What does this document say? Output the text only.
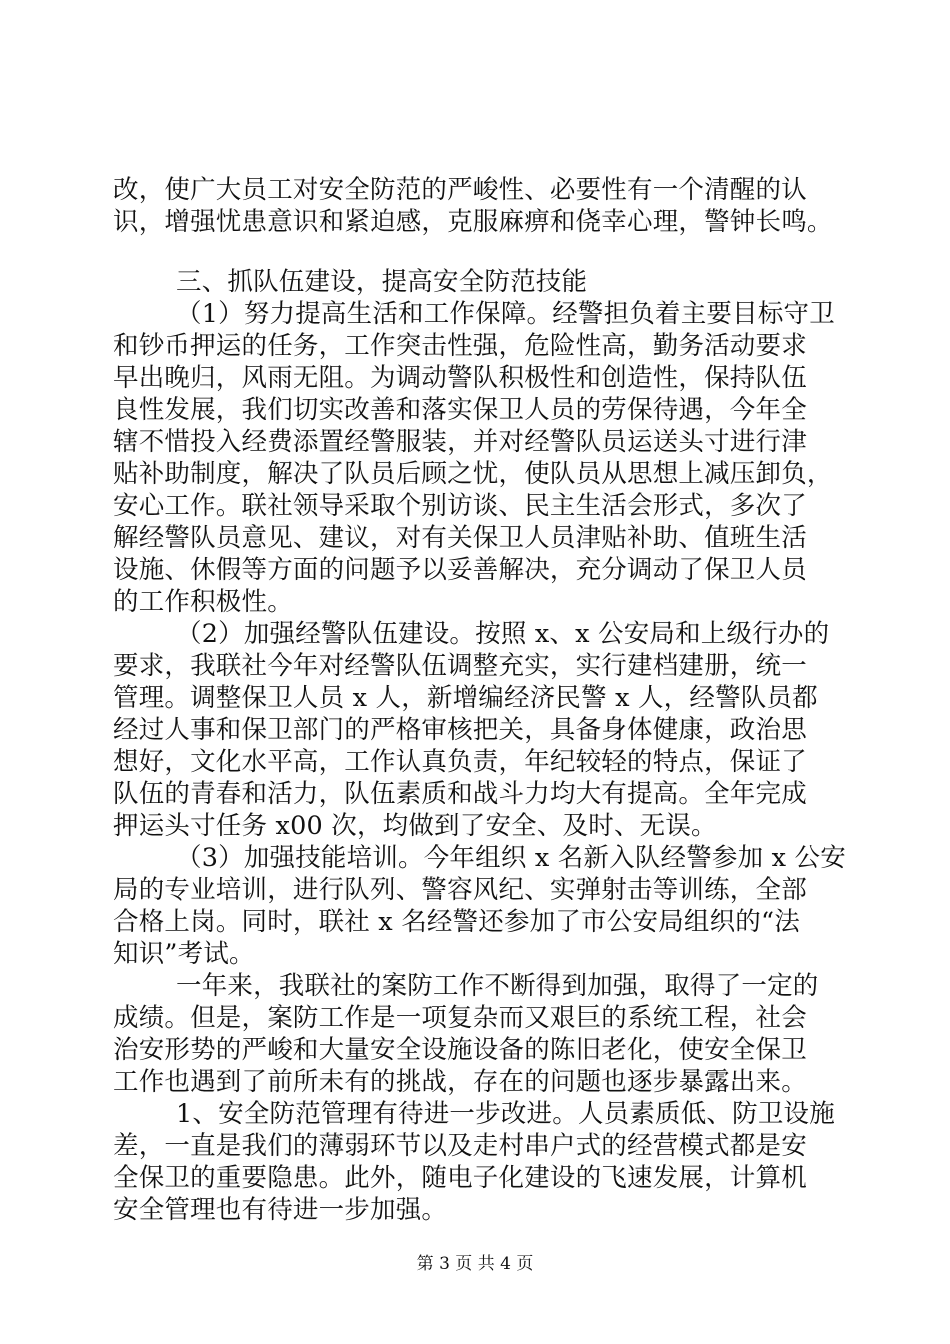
改，使广大员工对安全防范的严峻性、必要性有一个清醒的认
识，增强忧患意识和紧迫感，克服麻痹和侥幸心理，警钟长鸣。
三、抓队伍建设，提高安全防范技能
（1）努力提高生活和工作保障。经警担负着主要目标守卫
和钞币押运的任务，工作突击性强，危险性高，勤务活动要求
早出晚归，风雨无阻。为调动警队积极性和创造性，保持队伍
良性发展，我们切实改善和落实保卫人员的劳保待遇，今年全
辖不惜投入经费添置经警服装，并对经警队员运送头寸进行津
贴补助制度，解决了队员后顾之忧，使队员从思想上减压卸负，
安心工作。联社领导采取个别访谈、民主生活会形式，多次了
解经警队员意见、建议，对有关保卫人员津贴补助、值班生活
设施、休假等方面的问题予以妥善解决，充分调动了保卫人员
的工作积极性。
（2）加强经警队伍建设。按照 x、x 公安局和上级行办的
要求，我联社今年对经警队伍调整充实，实行建档建册，统一
管理。调整保卫人员 x 人，新增编经济民警 x 人，经警队员都
经过人事和保卫部门的严格审核把关，具备身体健康，政治思
想好，文化水平高，工作认真负责，年纪较轻的特点，保证了
队伍的青春和活力，队伍素质和战斗力均大有提高。全年完成
押运头寸任务 x00 次，均做到了安全、及时、无误。
（3）加强技能培训。今年组织 x 名新入队经警参加 x 公安
局的专业培训，进行队列、警容风纪、实弹射击等训练，全部
合格上岗。同时，联社 x 名经警还参加了市公安局组织的“法
知识”考试。
一年来，我联社的案防工作不断得到加强，取得了一定的
成绩。但是，案防工作是一项复杂而又艰巨的系统工程，社会
治安形势的严峻和大量安全设施设备的陈旧老化，使安全保卫
工作也遇到了前所未有的挑战，存在的问题也逐步暴露出来。
1、安全防范管理有待进一步改进。人员素质低、防卫设施
差，一直是我们的薄弱环节以及走村串户式的经营模式都是安
全保卫的重要隐患。此外，随电子化建设的飞速发展，计算机
安全管理也有待进一步加强。
第 3 页 共 4 页
